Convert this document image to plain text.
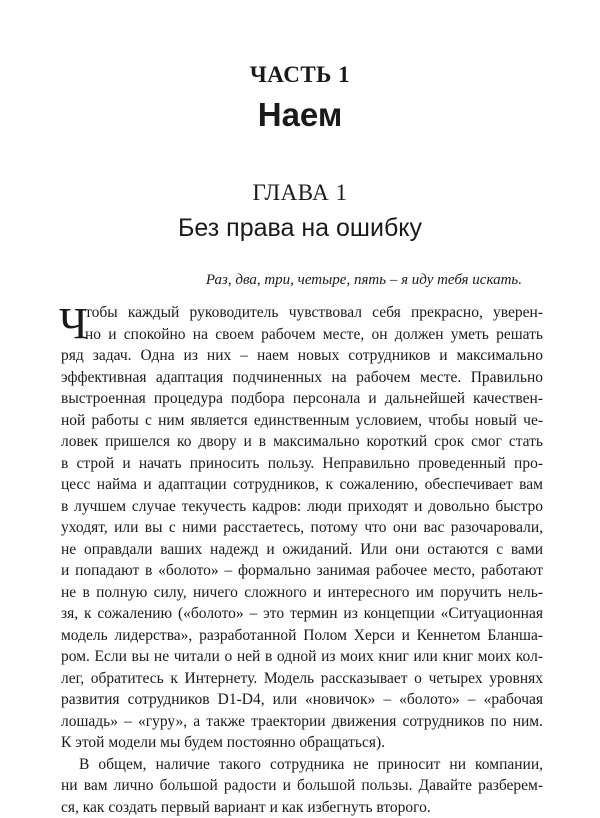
ЧАСТЬ 1
Наем
ГЛАВА 1
Без права на ошибку
Раз, два, три, четыре, пять – я иду тебя искать.
Ч
тобы каждый руководитель чувствовал себя прекрасно, уверен-
но и спокойно на своем рабочем месте, он должен уметь решать
ряд задач. Одна из них – наем новых сотрудников и максимально
эффективная адаптация подчиненных на рабочем месте. Правильно
выстроенная процедура подбора персонала и дальнейшей качествен-
ной работы с ним является единственным условием, чтобы новый че-
ловек пришелся ко двору и в максимально короткий срок смог стать
в строй и начать приносить пользу. Неправильно проведенный про-
цесс найма и адаптации сотрудников, к сожалению, обеспечивает вам
в лучшем случае текучесть кадров: люди приходят и довольно быстро
уходят, или вы с ними расстаетесь, потому что они вас разочаровали,
не оправдали ваших надежд и ожиданий. Или они остаются с вами
и попадают в «болото» – формально занимая рабочее место, работают
не в полную силу, ничего сложного и интересного им поручить нель-
зя, к сожалению («болото» – это термин из концепции «Ситуационная
модель лидерства», разработанной Полом Херси и Кеннетом Бланша-
ром. Если вы не читали о ней в одной из моих книг или книг моих кол-
лег, обратитесь к Интернету. Модель рассказывает о четырех уровнях
развития сотрудников D1-D4, или «новичок» – «болото» – «рабочая
лошадь» – «гуру», а также траектории движения сотрудников по ним.
К этой модели мы будем постоянно обращаться).
В общем, наличие такого сотрудника не приносит ни компании,
ни вам лично большой радости и большой пользы. Давайте разберем-
ся, как создать первый вариант и как избегнуть второго.
